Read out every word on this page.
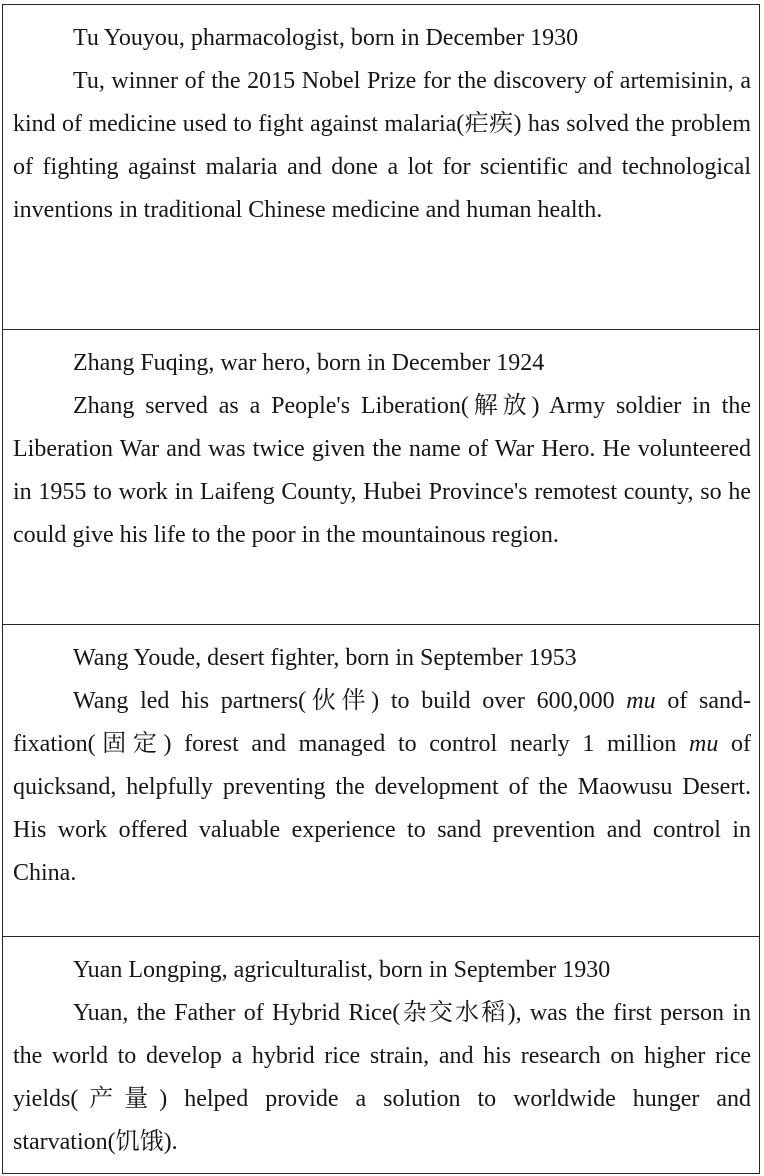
Tu Youyou, pharmacologist, born in December 1930

Tu, winner of the 2015 Nobel Prize for the discovery of artemisinin, a kind of medicine used to fight against malaria(疟疾) has solved the problem of fighting against malaria and done a lot for scientific and technological inventions in traditional Chinese medicine and human health.

Zhang Fuqing, war hero, born in December 1924

Zhang served as a People's Liberation(解放) Army soldier in the Liberation War and was twice given the name of War Hero. He volunteered in 1955 to work in Laifeng County, Hubei Province's remotest county, so he could give his life to the poor in the mountainous region.

Wang Youde, desert fighter, born in September 1953

Wang led his partners(伙伴) to build over 600,000 mu of sand-fixation(固定) forest and managed to control nearly 1 million mu of quicksand, helpfully preventing the development of the Maowusu Desert. His work offered valuable experience to sand prevention and control in China.

Yuan Longping, agriculturalist, born in September 1930

Yuan, the Father of Hybrid Rice(杂交水稻), was the first person in the world to develop a hybrid rice strain, and his research on higher rice yields(产量) helped provide a solution to worldwide hunger and starvation(饥饿).
